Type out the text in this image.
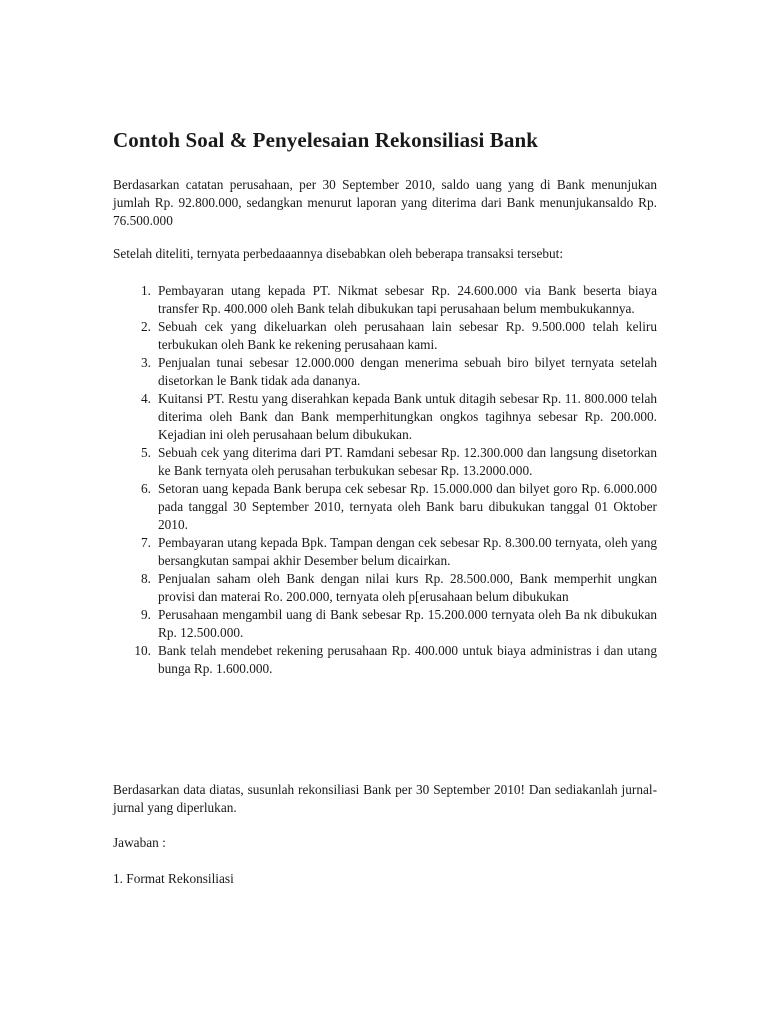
Contoh Soal & Penyelesaian Rekonsiliasi Bank

Berdasarkan catatan perusahaan, per 30 September 2010, saldo uang yang di Bank menunjukan jumlah Rp. 92.800.000, sedangkan menurut laporan yang diterima dari Bank menunjukansaldo Rp. 76.500.000

Setelah diteliti, ternyata perbedaaannya disebabkan oleh beberapa transaksi tersebut:

1. Pembayaran utang kepada PT. Nikmat sebesar Rp. 24.600.000 via Bank beserta biaya transfer Rp. 400.000 oleh Bank telah dibukukan tapi perusahaan belum membukukannya.
2. Sebuah cek yang dikeluarkan oleh perusahaan lain sebesar Rp. 9.500.000 telah keliru terbukukan oleh Bank ke rekening perusahaan kami.
3. Penjualan tunai sebesar 12.000.000 dengan menerima sebuah biro bilyet ternyata setelah disetorkan le Bank tidak ada dananya.
4. Kuitansi PT. Restu yang diserahkan kepada Bank untuk ditagih sebesar Rp. 11. 800.000 telah diterima oleh Bank dan Bank memperhitungkan ongkos tagihnya sebesar Rp. 200.000. Kejadian ini oleh perusahaan belum dibukukan.
5. Sebuah cek yang diterima dari PT. Ramdani sebesar Rp. 12.300.000 dan langsung disetorkan ke Bank ternyata oleh perusahan terbukukan sebesar Rp. 13.2000.000.
6. Setoran uang kepada Bank berupa cek sebesar Rp. 15.000.000 dan bilyet goro Rp. 6.000.000 pada tanggal 30 September 2010, ternyata oleh Bank baru dibukukan tanggal 01 Oktober 2010.
7. Pembayaran utang kepada Bpk. Tampan dengan cek sebesar Rp. 8.300.00 ternyata, oleh yang bersangkutan sampai akhir Desember belum dicairkan.
8. Penjualan saham oleh Bank dengan nilai kurs Rp. 28.500.000, Bank memperhit ungkan provisi dan materai Ro. 200.000, ternyata oleh p[erusahaan belum dibukukan
9. Perusahaan mengambil uang di Bank sebesar Rp. 15.200.000 ternyata oleh Ba nk dibukukan Rp. 12.500.000.
10. Bank telah mendebet rekening perusahaan Rp. 400.000 untuk biaya administras i dan utang bunga Rp. 1.600.000.

Berdasarkan data diatas, susunlah rekonsiliasi Bank per 30 September 2010! Dan sediakanlah jurnal-jurnal yang diperlukan.

Jawaban :

1. Format Rekonsiliasi
